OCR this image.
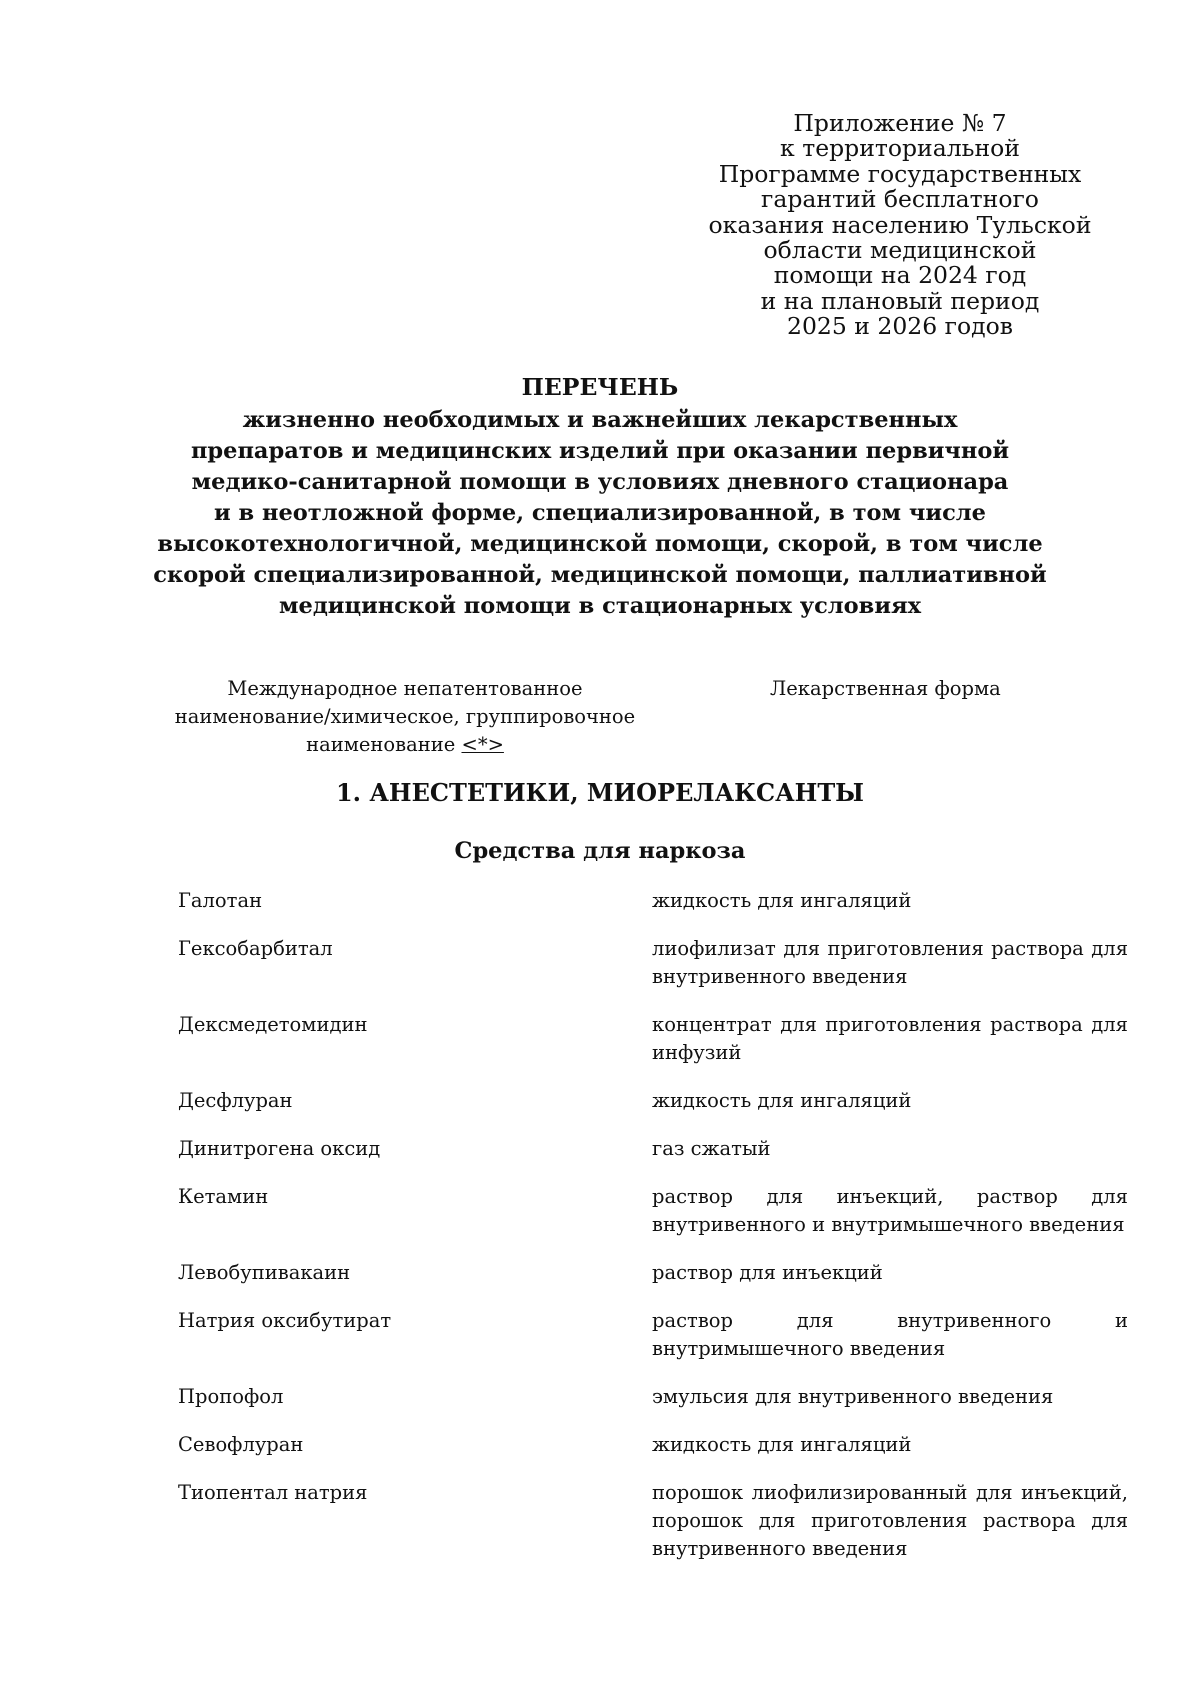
Приложение № 7
к территориальной
Программе государственных
гарантий бесплатного
оказания населению Тульской
области медицинской
помощи на 2024 год
и на плановый период
2025 и 2026 годов
ПЕРЕЧЕНЬ
жизненно необходимых и важнейших лекарственных
препаратов и медицинских изделий при оказании первичной
медико-санитарной помощи в условиях дневного стационара
и в неотложной форме, специализированной, в том числе
высокотехнологичной, медицинской помощи, скорой, в том числе
скорой специализированной, медицинской помощи, паллиативной
медицинской помощи в стационарных условиях
Международное непатентованное
наименование/химическое, группировочное
наименование <*>
Лекарственная форма
1. АНЕСТЕТИКИ, МИОРЕЛАКСАНТЫ
Средства для наркоза
Галотан	жидкость для ингаляций
Гексобарбитал	лиофилизат для приготовления раствора для
внутривенного введения
Дексмедетомидин	концентрат для приготовления раствора для
инфузий
Десфлуран	жидкость для ингаляций
Динитрогена оксид	газ сжатый
Кетамин	раствор для инъекций, раствор для
внутривенного и внутримышечного введения
Левобупивакаин	раствор для инъекций
Натрия оксибутират	раствор для внутривенного и
внутримышечного введения
Пропофол	эмульсия для внутривенного введения
Севофлуран	жидкость для ингаляций
Тиопентал натрия	порошок лиофилизированный для инъекций,
порошок для приготовления раствора для
внутривенного введения
